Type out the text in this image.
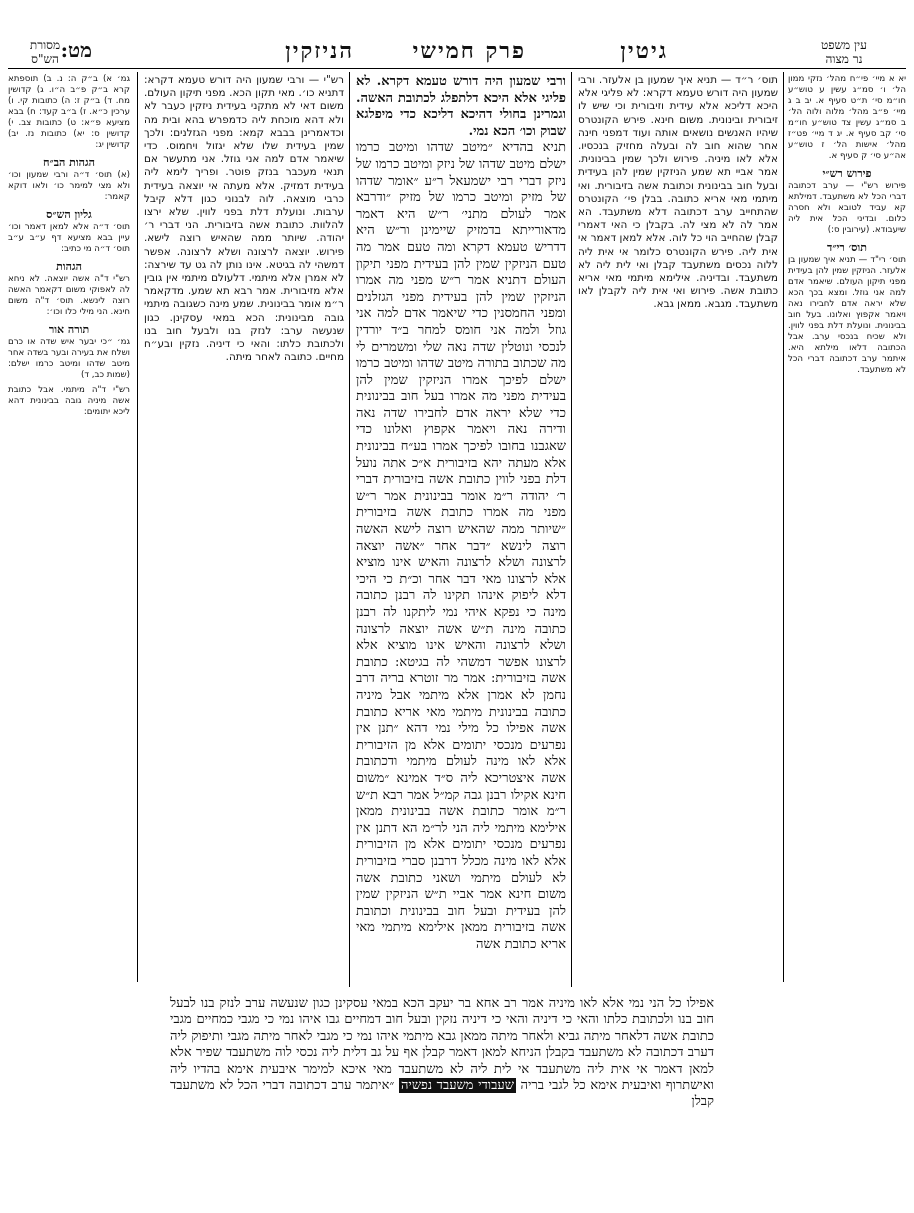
עין משפט
נר מצוה
מט:	הניזקין	פרק חמישי	גיטין
מסורת
הש"ס

יא א מיי׳ פי״ח מהל׳ נזקי ממון הל׳ ו׳ סמ״ג עשין ע טוש״ע חו״מ סי׳ ת״ט סעיף א. יב ב ג מיי׳ פ״ב מהל׳ מלוה ולוה הל׳ ב סמ״ג עשין צד טוש״ע חו״מ סי׳ קב סעיף א. יג ד מיי׳ פט״ז מהל׳ אישות הל׳ ז טוש״ע אה״ע סי׳ ק סעיף א.

פירוש רש״י

פירוש רש"י — ערב דכתובה דברי הכל לא משתעבד. דמילתא קא עביד לטובא ולא חסרה כלום. ובדיני הכל אית ליה שיעבודא. (עירובין ס:)

תוס׳ רי״ד

תוס׳ רי"ד — תניא איך שמעון בן אלעזר. הניזקין שמין להן בעידית מפני תיקון העולם. שיאמר אדם למה אני גוזל. ומצא בכך הכא שלא יראה אדם לחבירו נאה ויאמר אקפוץ ואלונו. בעל חוב בבינונית. ונועלת דלת בפני לווין. ולא שכיח בנכסי ערב. אבל הכתובה דלאו מילתא היא. איתמר ערב דכתובה דברי הכל לא משתעבד.

תוס׳ ר״ד — תניא איך שמעון בן אלעזר. ורבי שמעון היה דורש טעמא דקרא: לא פליגי אלא היכא דליכא אלא עידית וזיבורית וכי שיש לו זיבורית ובינונית. משום חינא. פירש הקונטרס שיהיו האנשים נושאים אותה ועוד דמפני חינה אחר שהוא חוב לה ובעלה מחזיק בנכסיו. אלא לאו מיניה. פירוש ולכך שמין בבינונית. אמר אביי תא שמע הניזקין שמין להן בעידית ובעל חוב בבינונית וכתובת אשה בזיבורית. ואי מיתמי מאי אריא כתובה. בבלן פי׳ הקונטרס שהתחייב ערב דכתובה דלא משתעבד. הא אמר לה לא מצי לה. בקבלן כי האי דאמרי קבלן שהחייב הוי כל לוה. אלא למאן דאמר אי אית ליה. פירש הקונטרס כלומר אי אית ליה ללוה נכסים משתעבד קבלן ואי לית ליה לא משתעבד. ובדיניה. אילימא מיתמי מאי אריא כתובת אשה. פירוש ואי אית ליה לקבלן לאו משתעבד. מגבא. ממאן גבא.

ורבי שמעון היה דורש טעמא דקרא. לא פליגי אלא היכא דלתפלג לכתובת האשה. וגמרינן בחולי דהיכא דליכא כדי מיפלגא שבוק וכו׳ הכא נמי.

תניא בהדיא ״מיטב שדהו ומיטב כרמו ישלם מיטב שדהו של ניזק ומיטב כרמו של ניזק דברי רבי ישמעאל ר״ע ״אומר שדהו של מזיק ומיטב כרמו של מזיק ״ודרבא אמר לעולם מתני׳ ר״ש היא דאמר מדאורייתא בדמזיק שיימינן ור״ש היא דדריש טעמא דקרא ומה טעם אמר מה טעם הניזקין שמין להן בעידית מפני תיקון העולם דתניא אמר ר״ש מפני מה אמרו הניזקין שמין להן בעידית מפני הגזלנים ומפני החמסנין כדי שיאמר אדם למה אני גוזל ולמה אני חומס למחר ב״ד יורדין לנכסי ונוטלין שדה נאה שלי ומשמרים לי מה שכתוב בתורה מיטב שדהו ומיטב כרמו ישלם לפיכך אמרו הניזקין שמין להן בעידית מפני מה אמרו בעל חוב בבינונית כדי שלא יראה אדם לחבירו שדה נאה ודירה נאה ויאמר אקפוץ ואלונו כדי שאגבנו בחובו לפיכך אמרו בע״ח בבינונית אלא מעתה יהא בזיבורית א״כ אתה נועל דלת בפני לווין כתובת אשה בזיבורית דברי ר׳ יהודה ר״מ אומר בבינונית אמר ר״ש מפני מה אמרו כתובת אשה בזיבורית ״שיותר ממה שהאיש רוצה לישא האשה רוצה לינשא ״דבר אחר ״אשה יוצאה לרצונה ושלא לרצונה והאיש אינו מוציא אלא לרצונו מאי דבר אחר וכ״ת כי היכי דלא ליפוק אינהו תקינו לה רבנן כתובה מינה כי נפקא איהי נמי ליתקנו לה רבנן כתובה מינה ת״ש אשה יוצאה לרצונה ושלא לרצונה והאיש אינו מוציא אלא לרצונו אפשר דמשהי לה בגיטא: כתובת אשה בזיבורית: אמר מר זוטרא בריה דרב נחמן לא אמרן אלא מיתמי אבל מיניה כתובה בבינונית מיתמי מאי אריא כתובת אשה אפילו כל מילי נמי דהא ״תנן אין נפרעים מנכסי יתומים אלא מן הזיבורית אלא לאו מינה לעולם מיתמי ודכתובת אשה איצטריכא ליה ס״ד אמינא ״משום חינא אקילו רבנן גבה קמ״ל אמר רבא ת״ש ר״מ אומר כתובת אשה בבינונית ממאן אילימא מיתמי ליה הני לר״מ הא דתנן אין נפרעים מנכסי יתומים אלא מן הזיבורית אלא לאו מינה מכלל דרבנן סברי בזיבורית לא לעולם מיתמי ושאני כתובת אשה משום חינא אמר אביי ת״ש הניזקין שמין להן בעידית ובעל חוב בבינונית וכתובת אשה בזיבורית ממאן אילימא מיתמי מאי אריא כתובת אשה

רש"י — ורבי שמעון היה דורש טעמא דקרא: דתניא כו׳. מאי תקון הכא. מפני תיקון העולם. משום דאי לא מתקני בעידית ניזקין כעבר לא ולא דהא מוכחת ליה כדמפרש בהא ובית מה וכדאמרינן בבבא קמא: מפני הגזלנים: ולכך שמין בעידית שלו שלא יגזול ויחמוס. כדי שיאמר אדם למה אני גוזל. אני מתעשר אם תנאי מעכבר בנזק פוטר. ופריך לימא ליה בעידית דמזיק. אלא מעתה אי יוצאה בעידית כרבי מוצאה. לוה לבנוני כגון דלא קיבל ערבות. ונועלת דלת בפני לווין. שלא ירצו להלוות. כתובת אשה בזיבורית. הני דברי ר׳ יהודה. שיותר ממה שהאיש רוצה לישא. פירוש. יוצאה לרצונה ושלא לרצונה. אפשר דמשהי לה בגיטא. אינו נותן לה גט עד שירצה: לא אמרן אלא מיתמי. דלעולם מיתמי אין גובין אלא מזיבורית. אמר רבא תא שמע. מדקאמר ר״מ אומר בבינונית. שמע מינה כשגובה מיתמי גובה מבינונית: הכא במאי עסקינן. כגון שנעשה ערב: לנזק בנו ולבעל חוב בנו ולכתובת כלתו: והאי כי דיניה. נזקין ובע״ח מחיים. כתובה לאחר מיתה.

גמ׳ א) ב״ק ה: נ. ב) תוספתא קרא ב״ק פ״ב ה״ו. ג) קדושין מח. ד) ב״ק ז: ה) כתובות קי. ו) ערכין כ״א. ז) ב״ב קעד: ח) בבא מציעא פ״א: ט) כתובות צב. י) קדושין ס: יא) כתובות נז. יב) קדושין יג:

הגהות הב״ח

(א) תוס׳ ד״ה ורבי שמעון וכו׳ ולא מצי למימר כו׳ ולאו דוקא קאמר:

גליון הש״ס

תוס׳ ד״ה אלא למאן דאמר וכו׳ עיין בבא מציעא דף ע״ב ע״ב תוס׳ ד״ה מי כתיב:

הגהות

רש"י ד"ה אשה יוצאה. לא ניחא לה לאפוקי משום דקאמר האשה רוצה לינשא. תוס׳ ד"ה משום חינא. הני מילי כלו וכו׳:

תורה אור

גמ׳ ״כי יבער איש שדה או כרם ושלח את בעירה ובער בשדה אחר מיטב שדהו ומיטב כרמו ישלם: (שמות כב, ד)

רש"י ד"ה מיתמי. אבל כתובת אשה מיניה גובה בבינונית דהא ליכא יתומים:

אפילו כל הני נמי אלא לאו מיניה אמר רב אחא בר יעקב הכא במאי עסקינן כגון שנעשה ערב לנזק בנו לבעל חוב בנו ולכתובת כלתו והאי כי דיניה והאי כי דיניה נזקין ובעל חוב דמחיים גבו איהו נמי כי מגבי כמחיים מגבי כתובת אשה דלאחר מיתה גביא ולאחר מיתה ממאן גבא מיתמי איהו נמי כי מגבי לאחר מיתה מגבי ותיפוק ליה דערב דכתובה לא משתעבד בקבלן הניחא למאן דאמר קבלן אף על גב דלית ליה נכסי לוה משתעבד שפיר אלא למאן דאמר אי אית ליה משתעבד אי לית ליה לא משתעבד מאי איכא למימר איבעית אימא בהדיו ליה ואישתרוף ואיבעית אימא כל לגבי בריה שעבודי משעבד נפשיה ״איתמר ערב דכתובה דברי הכל לא משתעבד קבלן
